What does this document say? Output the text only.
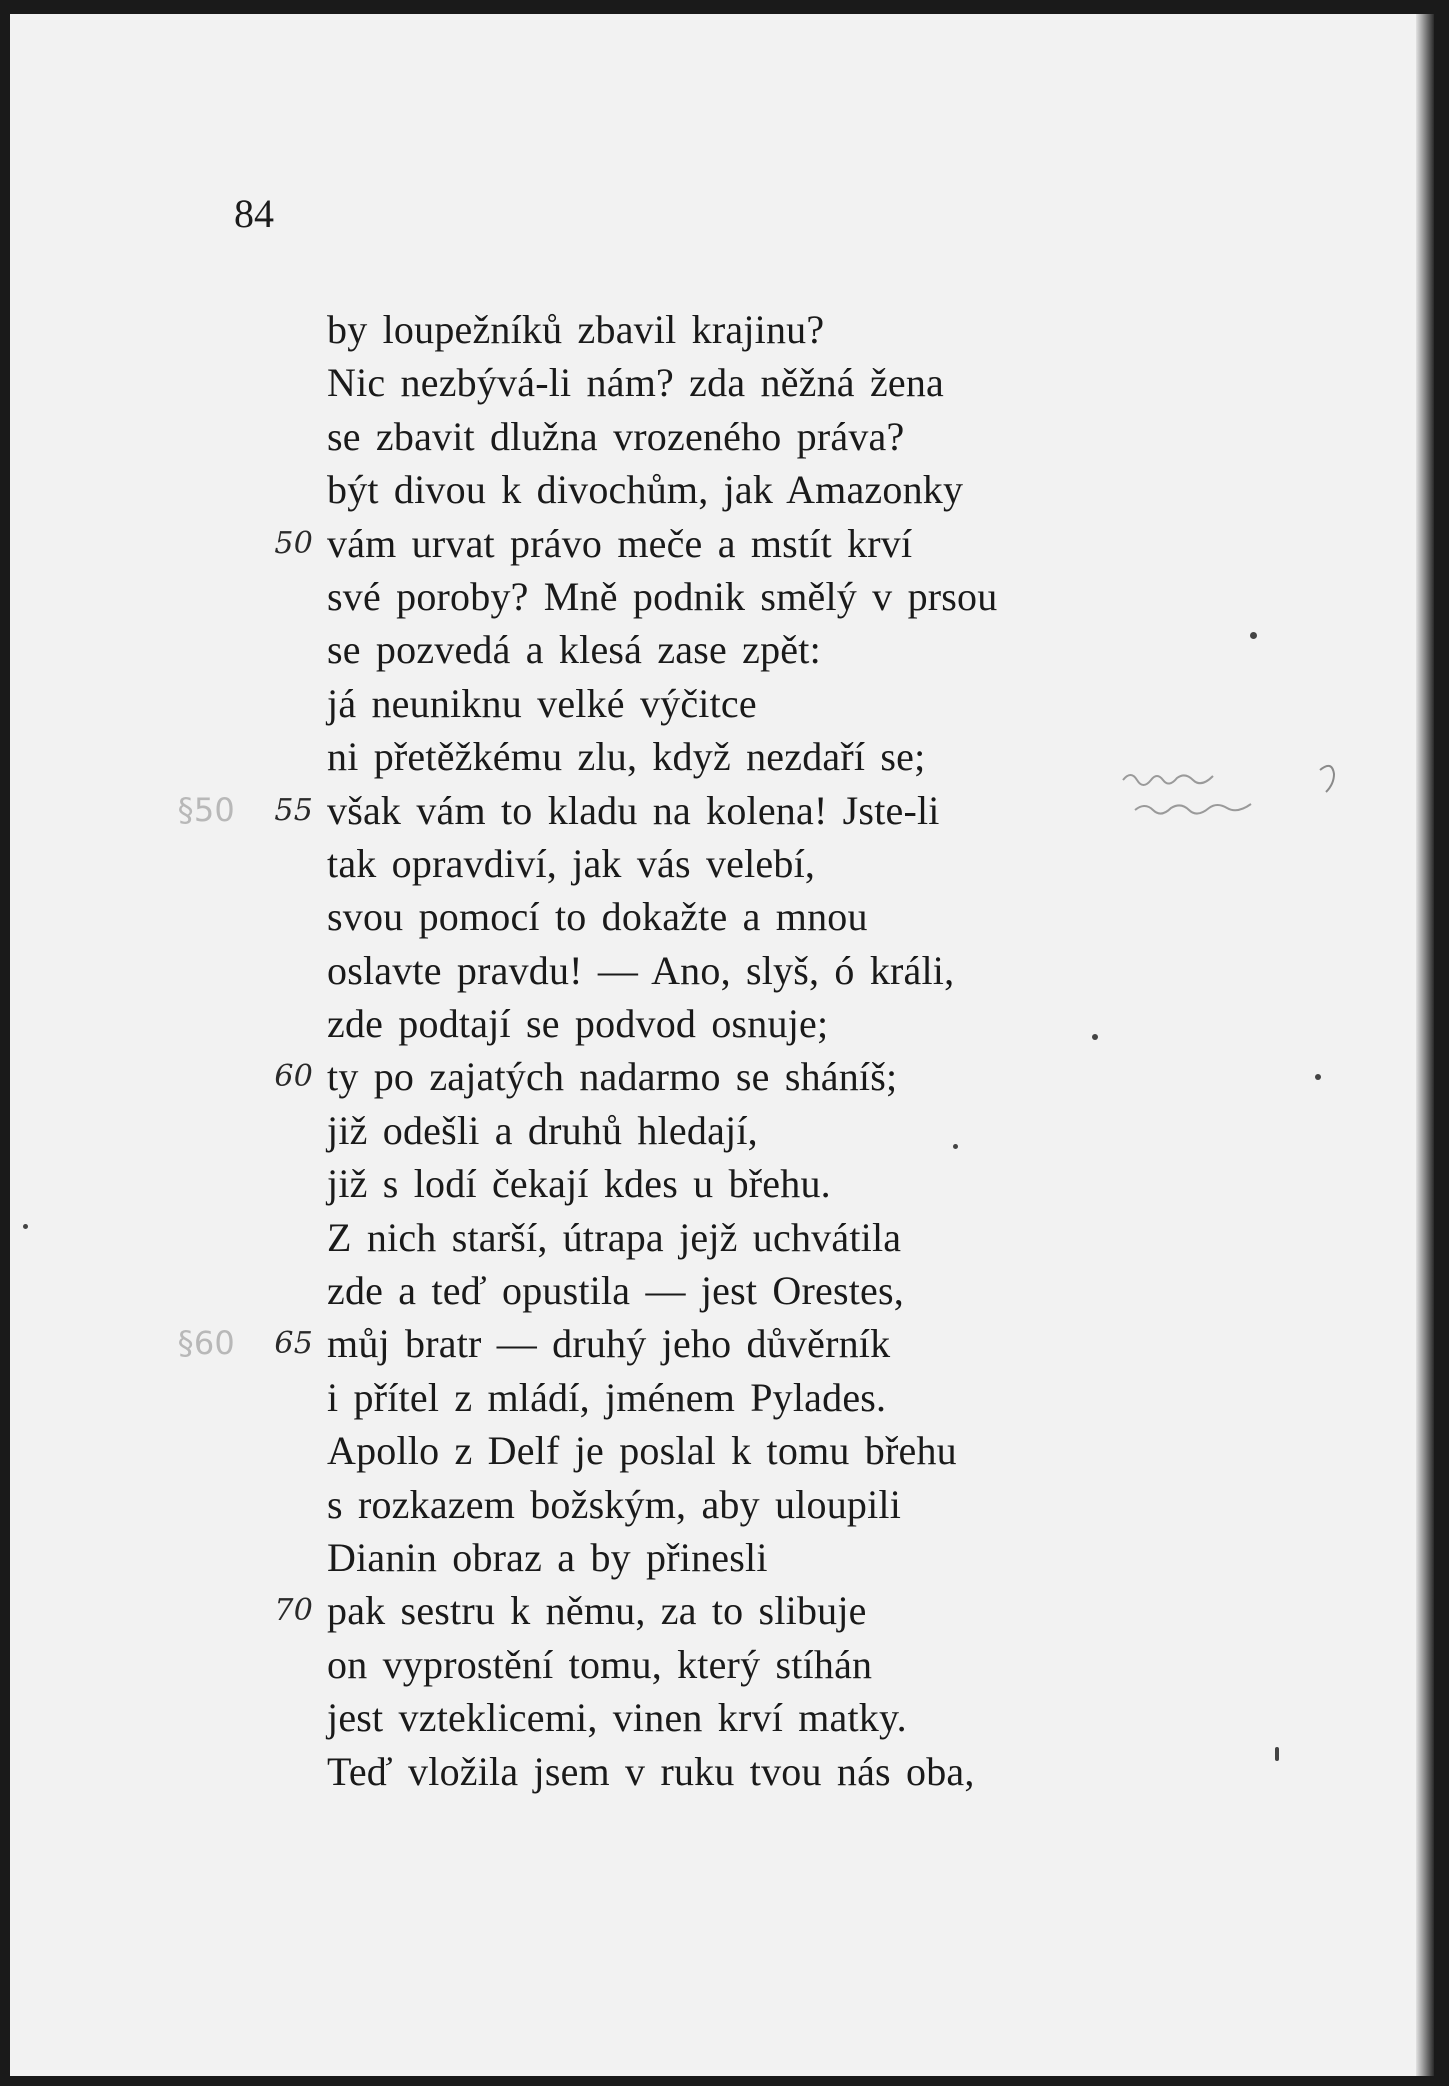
84
by loupežníků zbavil krajinu?
Nic nezbývá-li nám? zda něžná žena
se zbavit dlužna vrozeného práva?
být divou k divochům, jak Amazonky
50 vám urvat právo meče a mstít krví
své poroby? Mně podnik smělý v prsou
se pozvedá a klesá zase zpět:
já neuniknu velké výčitce
ni přetěžkému zlu, když nezdaří se;
55
§50 však vám to kladu na kolena! Jste-li
tak opravdiví, jak vás velebí,
svou pomocí to dokažte a mnou
oslavte pravdu! — Ano, slyš, ó králi,
zde podtají se podvod osnuje;
60 ty po zajatých nadarmo se sháníš;
již odešli a druhů hledají,
již s lodí čekají kdes u břehu.
Z nich starší, útrapa jejž uchvátila
zde a teď opustila — jest Orestes,
65
§60 můj bratr — druhý jeho důvěrník
i přítel z mládí, jménem Pylades.
Apollo z Delf je poslal k tomu břehu
s rozkazem božským, aby uloupili
Dianin obraz a by přinesli
70 pak sestru k němu, za to slibuje
on vyprostění tomu, který stíhán
jest vzteklicemi, vinen krví matky.
Teď vložila jsem v ruku tvou nás oba,
